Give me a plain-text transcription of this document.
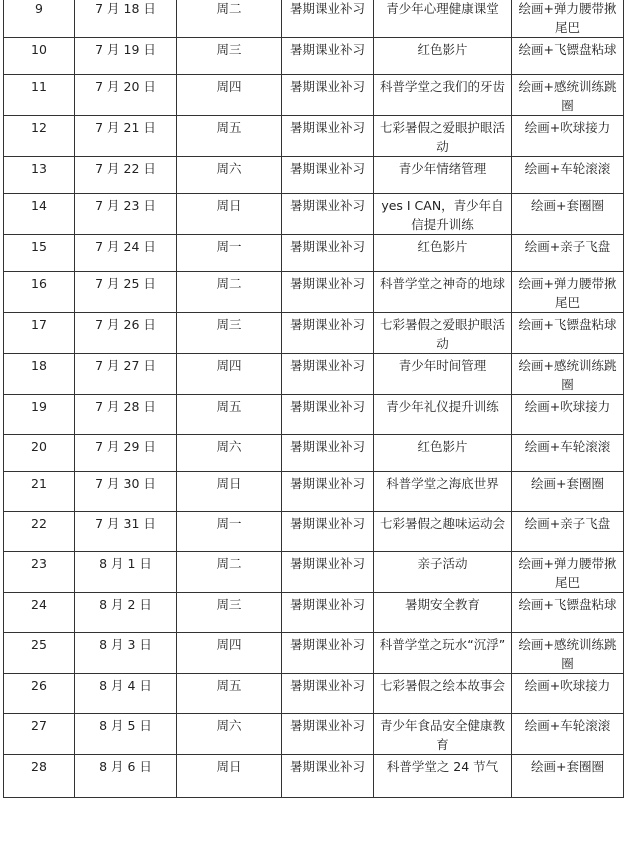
9	7 月 18 日	周二	暑期课业补习	青少年心理健康课堂	绘画+弹力腰带揪尾巴
10	7 月 19 日	周三	暑期课业补习	红色影片	绘画+飞镖盘粘球
11	7 月 20 日	周四	暑期课业补习	科普学堂之我们的牙齿	绘画+感统训练跳圈
12	7 月 21 日	周五	暑期课业补习	七彩暑假之爱眼护眼活动	绘画+吹球接力
13	7 月 22 日	周六	暑期课业补习	青少年情绪管理	绘画+车轮滚滚
14	7 月 23 日	周日	暑期课业补习	yes I CAN，青少年自信提升训练	绘画+套圈圈
15	7 月 24 日	周一	暑期课业补习	红色影片	绘画+亲子飞盘
16	7 月 25 日	周二	暑期课业补习	科普学堂之神奇的地球	绘画+弹力腰带揪尾巴
17	7 月 26 日	周三	暑期课业补习	七彩暑假之爱眼护眼活动	绘画+飞镖盘粘球
18	7 月 27 日	周四	暑期课业补习	青少年时间管理	绘画+感统训练跳圈
19	7 月 28 日	周五	暑期课业补习	青少年礼仪提升训练	绘画+吹球接力
20	7 月 29 日	周六	暑期课业补习	红色影片	绘画+车轮滚滚
21	7 月 30 日	周日	暑期课业补习	科普学堂之海底世界	绘画+套圈圈
22	7 月 31 日	周一	暑期课业补习	七彩暑假之趣味运动会	绘画+亲子飞盘
23	8 月 1 日	周二	暑期课业补习	亲子活动	绘画+弹力腰带揪尾巴
24	8 月 2 日	周三	暑期课业补习	暑期安全教育	绘画+飞镖盘粘球
25	8 月 3 日	周四	暑期课业补习	科普学堂之玩水“沉浮”	绘画+感统训练跳圈
26	8 月 4 日	周五	暑期课业补习	七彩暑假之绘本故事会	绘画+吹球接力
27	8 月 5 日	周六	暑期课业补习	青少年食品安全健康教育	绘画+车轮滚滚
28	8 月 6 日	周日	暑期课业补习	科普学堂之 24 节气	绘画+套圈圈
